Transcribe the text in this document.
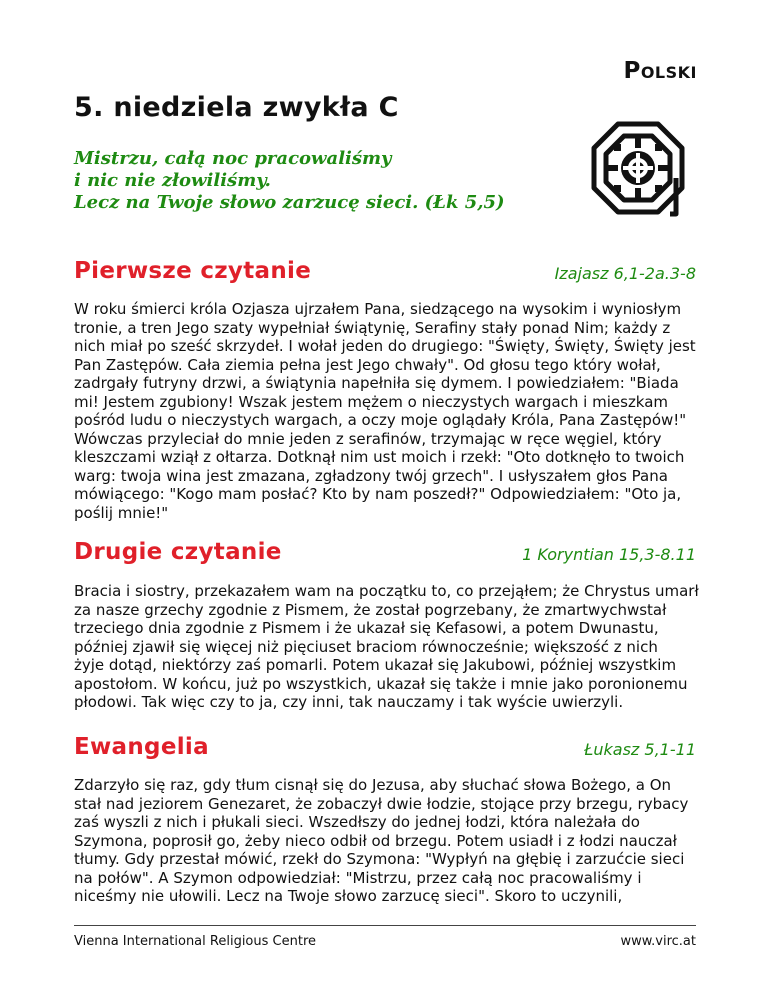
Polski
5. niedziela zwykła C
Mistrzu, całą noc pracowaliśmy
i nic nie złowiliśmy.
Lecz na Twoje słowo zarzucę sieci. (Łk 5,5)
Pierwsze czytanie	Izajasz 6,1-2a.3-8
W roku śmierci króla Ozjasza ujrzałem Pana, siedzącego na wysokim i wyniosłym
tronie, a tren Jego szaty wypełniał świątynię, Serafiny stały ponad Nim; każdy z
nich miał po sześć skrzydeł. I wołał jeden do drugiego: "Święty, Święty, Święty jest
Pan Zastępów. Cała ziemia pełna jest Jego chwały". Od głosu tego który wołał,
zadrgały futryny drzwi, a świątynia napełniła się dymem. I powiedziałem: "Biada
mi! Jestem zgubiony! Wszak jestem mężem o nieczystych wargach i mieszkam
pośród ludu o nieczystych wargach, a oczy moje oglądały Króla, Pana Zastępów!"
Wówczas przyleciał do mnie jeden z serafinów, trzymając w ręce węgiel, który
kleszczami wziął z ołtarza. Dotknął nim ust moich i rzekł: "Oto dotknęło to twoich
warg: twoja wina jest zmazana, zgładzony twój grzech". I usłyszałem głos Pana
mówiącego: "Kogo mam posłać? Kto by nam poszedł?" Odpowiedziałem: "Oto ja,
poślij mnie!"
Drugie czytanie	1 Koryntian 15,3-8.11
Bracia i siostry, przekazałem wam na początku to, co przejąłem; że Chrystus umarł
za nasze grzechy zgodnie z Pismem, że został pogrzebany, że zmartwychwstał
trzeciego dnia zgodnie z Pismem i że ukazał się Kefasowi, a potem Dwunastu,
później zjawił się więcej niż pięciuset braciom równocześnie; większość z nich
żyje dotąd, niektórzy zaś pomarli. Potem ukazał się Jakubowi, później wszystkim
apostołom. W końcu, już po wszystkich, ukazał się także i mnie jako poronionemu
płodowi. Tak więc czy to ja, czy inni, tak nauczamy i tak wyście uwierzyli.
Ewangelia	Łukasz 5,1-11
Zdarzyło się raz, gdy tłum cisnął się do Jezusa, aby słuchać słowa Bożego, a On
stał nad jeziorem Genezaret, że zobaczył dwie łodzie, stojące przy brzegu, rybacy
zaś wyszli z nich i płukali sieci. Wszedłszy do jednej łodzi, która należała do
Szymona, poprosił go, żeby nieco odbił od brzegu. Potem usiadł i z łodzi nauczał
tłumy. Gdy przestał mówić, rzekł do Szymona: "Wypłyń na głębię i zarzućcie sieci
na połów". A Szymon odpowiedział: "Mistrzu, przez całą noc pracowaliśmy i
niceśmy nie ułowili. Lecz na Twoje słowo zarzucę sieci". Skoro to uczynili,
Vienna International Religious Centre	www.virc.at
